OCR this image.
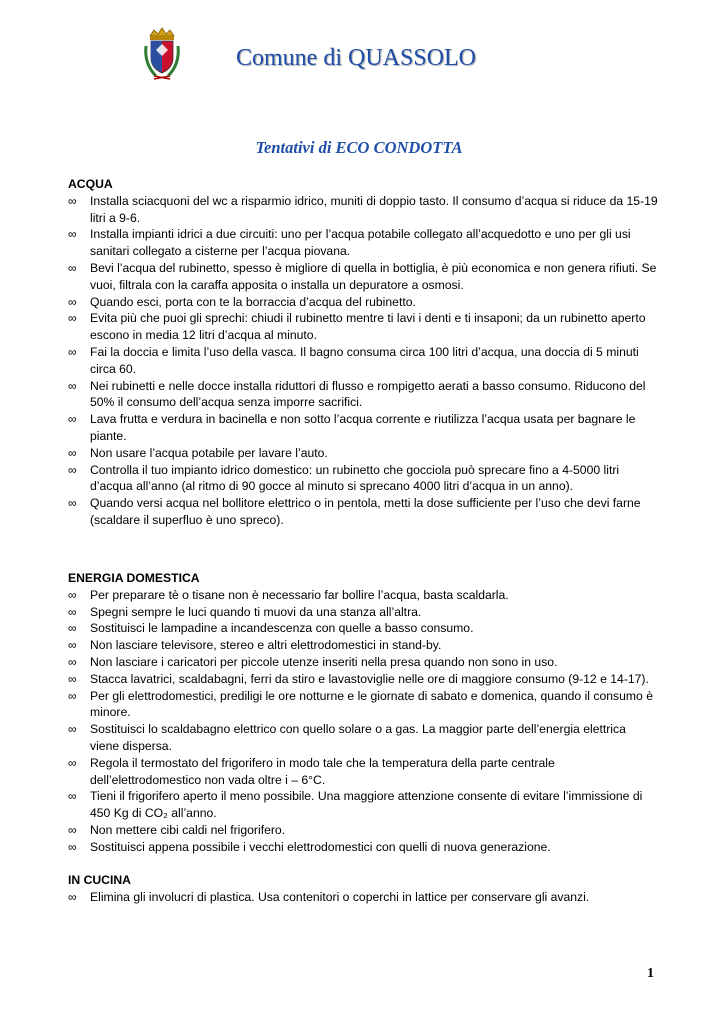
Comune di QUASSOLO
Tentativi di ECO CONDOTTA

ACQUA

∞ Installa sciacquoni del wc a risparmio idrico, muniti di doppio tasto. Il consumo d’acqua si riduce da 15-19 litri a 9-6.
∞ Installa impianti idrici a due circuiti: uno per l’acqua potabile collegato all’acquedotto e uno per gli usi sanitari collegato a cisterne per l’acqua piovana.
∞ Bevi l’acqua del rubinetto, spesso è migliore di quella in bottiglia, è più economica e non genera rifiuti. Se vuoi, filtrala con la caraffa apposita o installa un depuratore a osmosi.
∞ Quando esci, porta con te la borraccia d’acqua del rubinetto.
∞ Evita più che puoi gli sprechi: chiudi il rubinetto mentre ti lavi i denti e ti insaponi; da un rubinetto aperto escono in media 12 litri d’acqua al minuto.
∞ Fai la doccia e limita l’uso della vasca. Il bagno consuma circa 100 litri d’acqua, una doccia di 5 minuti circa 60.
∞ Nei rubinetti e nelle docce installa riduttori di flusso e rompigetto aerati a basso consumo. Riducono del 50% il consumo dell’acqua senza imporre sacrifici.
∞ Lava frutta e verdura in bacinella e non sotto l’acqua corrente e riutilizza l’acqua usata per bagnare le piante.
∞ Non usare l’acqua potabile per lavare l’auto.
∞ Controlla il tuo impianto idrico domestico: un rubinetto che gocciola può sprecare fino a 4-5000 litri d’acqua all’anno (al ritmo di 90 gocce al minuto si sprecano 4000 litri d’acqua in un anno).
∞ Quando versi acqua nel bollitore elettrico o in pentola, metti la dose sufficiente per l’uso che devi farne (scaldare il superfluo è uno spreco).

ENERGIA DOMESTICA

∞ Per preparare tè o tisane non è necessario far bollire l’acqua, basta scaldarla.
∞ Spegni sempre le luci quando ti muovi da una stanza all’altra.
∞ Sostituisci le lampadine a incandescenza con quelle a basso consumo.
∞ Non lasciare televisore, stereo e altri elettrodomestici in stand-by.
∞ Non lasciare i caricatori per piccole utenze inseriti nella presa quando non sono in uso.
∞ Stacca lavatrici, scaldabagni, ferri da stiro e lavastoviglie nelle ore di maggiore consumo (9-12 e 14-17).
∞ Per gli elettrodomestici, prediligi le ore notturne e le giornate di sabato e domenica, quando il consumo è minore.
∞ Sostituisci lo scaldabagno elettrico con quello solare o a gas. La maggior parte dell’energia elettrica viene dispersa.
∞ Regola il termostato del frigorifero in modo tale che la temperatura della parte centrale dell’elettrodomestico non vada oltre i – 6°C.
∞ Tieni il frigorifero aperto il meno possibile. Una maggiore attenzione consente di evitare l’immissione di 450 Kg di CO₂ all’anno.
∞ Non mettere cibi caldi nel frigorifero.
∞ Sostituisci appena possibile i vecchi elettrodomestici con quelli di nuova generazione.

IN CUCINA

∞ Elimina gli involucri di plastica. Usa contenitori o coperchi in lattice per conservare gli avanzi.
1
